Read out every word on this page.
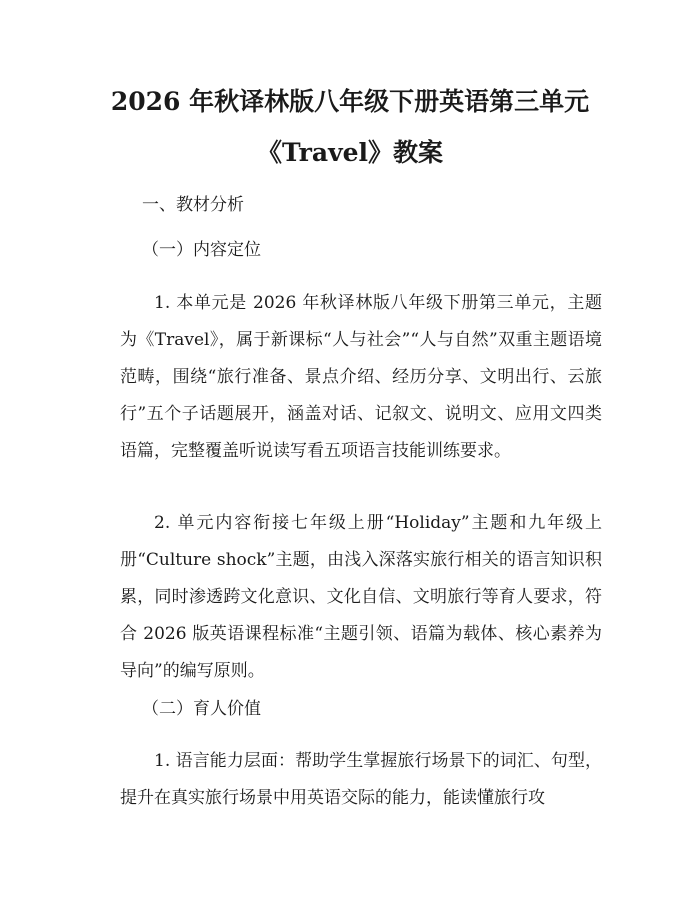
2026 年秋译林版八年级下册英语第三单元
《Travel》教案

一、教材分析

（一）内容定位

1. 本单元是 2026 年秋译林版八年级下册第三单元，主题为《Travel》，属于新课标“人与社会”“人与自然”双重主题语境范畴，围绕“旅行准备、景点介绍、经历分享、文明出行、云旅行”五个子话题展开，涵盖对话、记叙文、说明文、应用文四类语篇，完整覆盖听说读写看五项语言技能训练要求。

2. 单元内容衔接七年级上册“Holiday”主题和九年级上册“Culture shock”主题，由浅入深落实旅行相关的语言知识积累，同时渗透跨文化意识、文化自信、文明旅行等育人要求，符合 2026 版英语课程标准“主题引领、语篇为载体、核心素养为导向”的编写原则。

（二）育人价值

1. 语言能力层面：帮助学生掌握旅行场景下的词汇、句型，提升在真实旅行场景中用英语交际的能力，能读懂旅行攻
